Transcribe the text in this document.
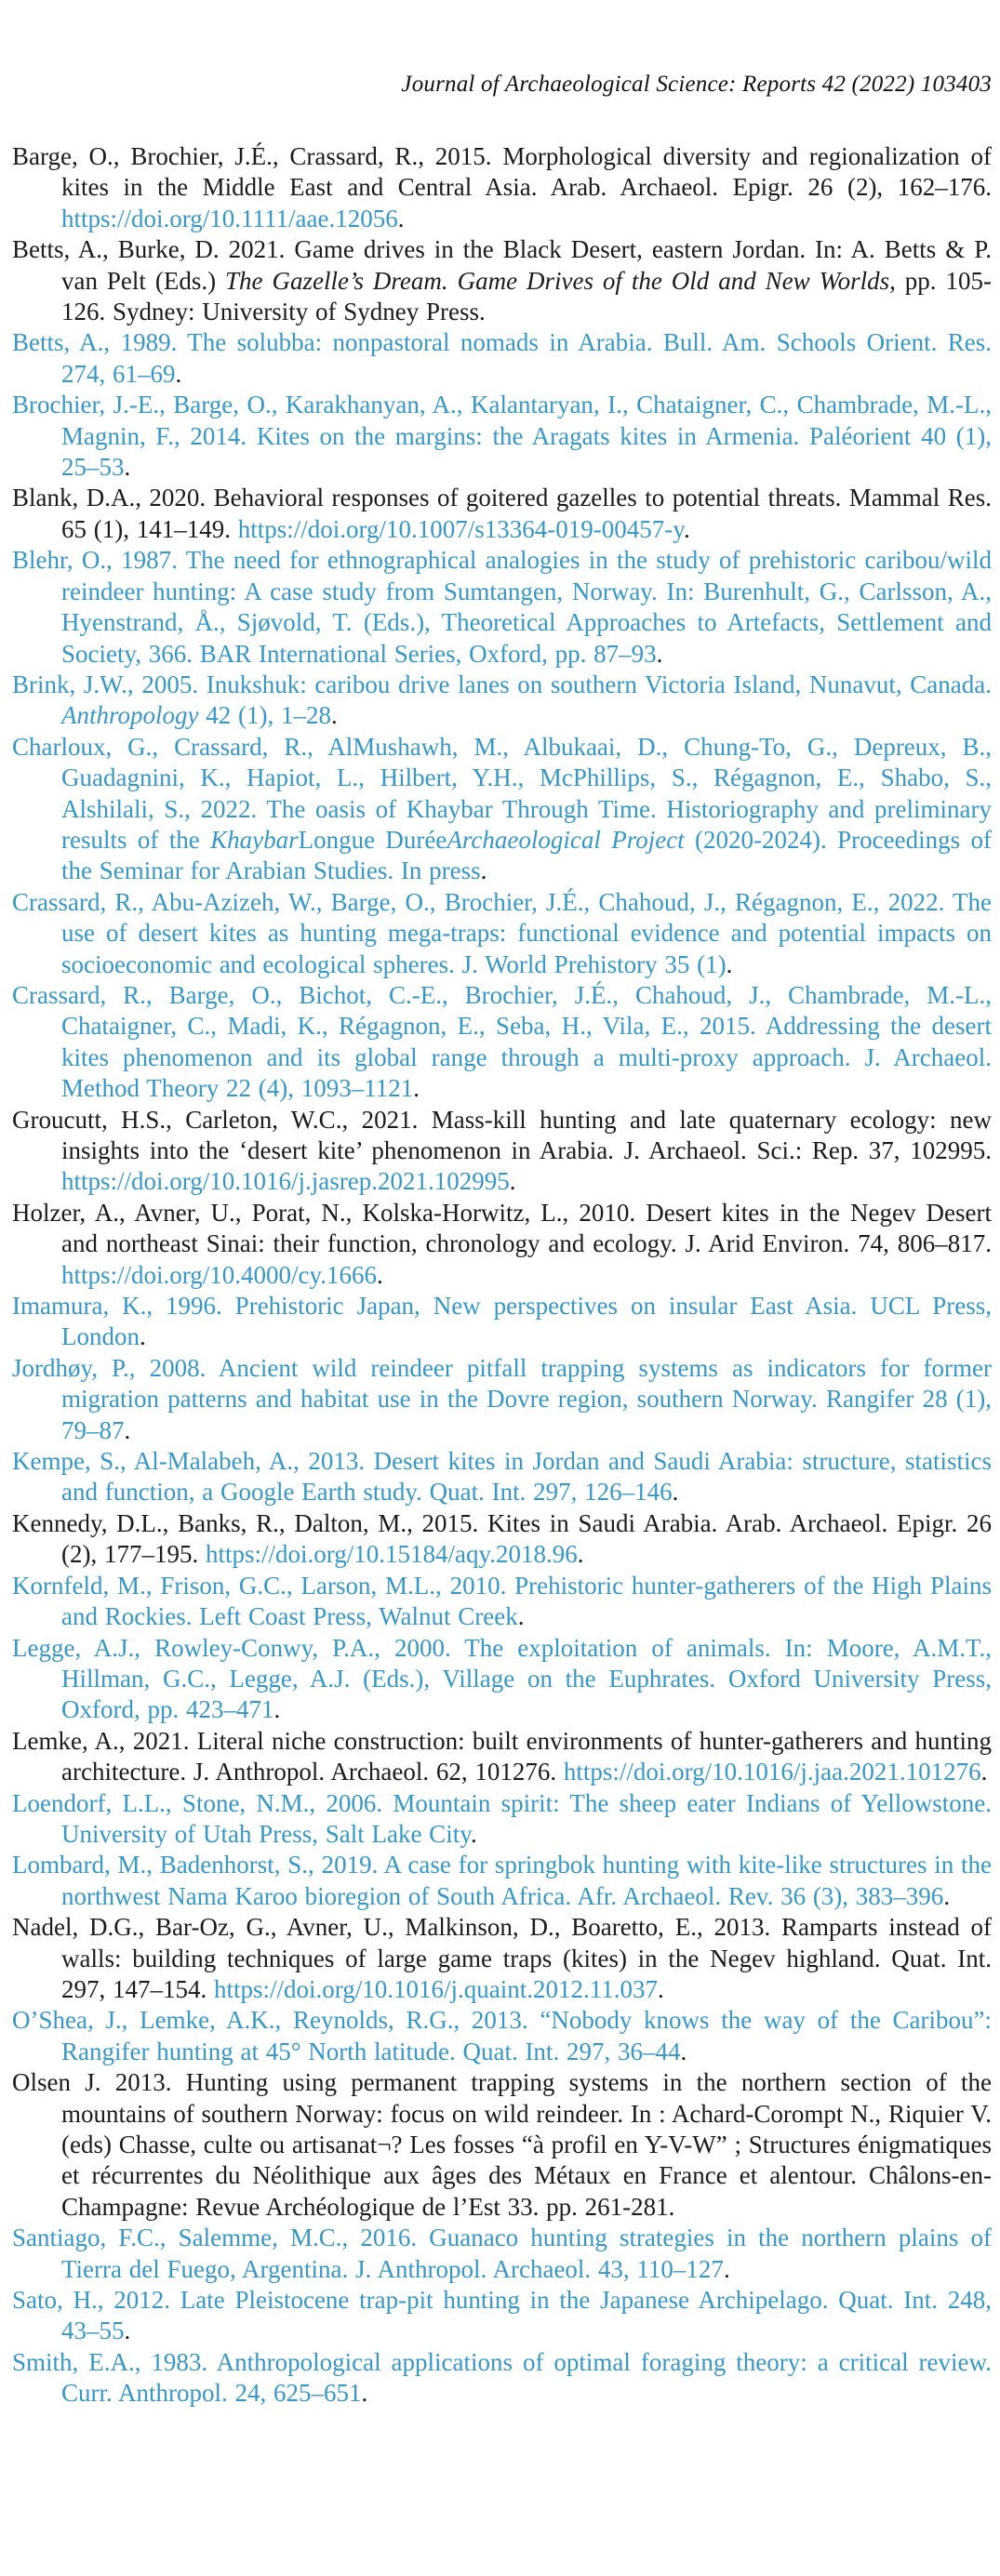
Journal of Archaeological Science: Reports 42 (2022) 103403

Barge, O., Brochier, J.É., Crassard, R., 2015. Morphological diversity and regionalization of kites in the Middle East and Central Asia. Arab. Archaeol. Epigr. 26 (2), 162–176. https://doi.org/10.1111/aae.12056.

Betts, A., Burke, D. 2021. Game drives in the Black Desert, eastern Jordan. In: A. Betts & P. van Pelt (Eds.) The Gazelle’s Dream. Game Drives of the Old and New Worlds, pp. 105-126. Sydney: University of Sydney Press.

Betts, A., 1989. The solubba: nonpastoral nomads in Arabia. Bull. Am. Schools Orient. Res. 274, 61–69.

Brochier, J.-E., Barge, O., Karakhanyan, A., Kalantaryan, I., Chataigner, C., Chambrade, M.-L., Magnin, F., 2014. Kites on the margins: the Aragats kites in Armenia. Paléorient 40 (1), 25–53.

Blank, D.A., 2020. Behavioral responses of goitered gazelles to potential threats. Mammal Res. 65 (1), 141–149. https://doi.org/10.1007/s13364-019-00457-y.

Blehr, O., 1987. The need for ethnographical analogies in the study of prehistoric caribou/wild reindeer hunting: A case study from Sumtangen, Norway. In: Burenhult, G., Carlsson, A., Hyenstrand, Å., Sjøvold, T. (Eds.), Theoretical Approaches to Artefacts, Settlement and Society, 366. BAR International Series, Oxford, pp. 87–93.

Brink, J.W., 2005. Inukshuk: caribou drive lanes on southern Victoria Island, Nunavut, Canada. Anthropology 42 (1), 1–28.

Charloux, G., Crassard, R., AlMushawh, M., Albukaai, D., Chung-To, G., Depreux, B., Guadagnini, K., Hapiot, L., Hilbert, Y.H., McPhillips, S., Régagnon, E., Shabo, S., Alshilali, S., 2022. The oasis of Khaybar Through Time. Historiography and preliminary results of the KhaybarLongue DuréeArchaeological Project (2020-2024). Proceedings of the Seminar for Arabian Studies. In press.

Crassard, R., Abu-Azizeh, W., Barge, O., Brochier, J.É., Chahoud, J., Régagnon, E., 2022. The use of desert kites as hunting mega-traps: functional evidence and potential impacts on socioeconomic and ecological spheres. J. World Prehistory 35 (1).

Crassard, R., Barge, O., Bichot, C.-E., Brochier, J.É., Chahoud, J., Chambrade, M.-L., Chataigner, C., Madi, K., Régagnon, E., Seba, H., Vila, E., 2015. Addressing the desert kites phenomenon and its global range through a multi-proxy approach. J. Archaeol. Method Theory 22 (4), 1093–1121.

Groucutt, H.S., Carleton, W.C., 2021. Mass-kill hunting and late quaternary ecology: new insights into the ‘desert kite’ phenomenon in Arabia. J. Archaeol. Sci.: Rep. 37, 102995. https://doi.org/10.1016/j.jasrep.2021.102995.

Holzer, A., Avner, U., Porat, N., Kolska-Horwitz, L., 2010. Desert kites in the Negev Desert and northeast Sinai: their function, chronology and ecology. J. Arid Environ. 74, 806–817. https://doi.org/10.4000/cy.1666.

Imamura, K., 1996. Prehistoric Japan, New perspectives on insular East Asia. UCL Press, London.

Jordhøy, P., 2008. Ancient wild reindeer pitfall trapping systems as indicators for former migration patterns and habitat use in the Dovre region, southern Norway. Rangifer 28 (1), 79–87.

Kempe, S., Al-Malabeh, A., 2013. Desert kites in Jordan and Saudi Arabia: structure, statistics and function, a Google Earth study. Quat. Int. 297, 126–146.

Kennedy, D.L., Banks, R., Dalton, M., 2015. Kites in Saudi Arabia. Arab. Archaeol. Epigr. 26 (2), 177–195. https://doi.org/10.15184/aqy.2018.96.

Kornfeld, M., Frison, G.C., Larson, M.L., 2010. Prehistoric hunter-gatherers of the High Plains and Rockies. Left Coast Press, Walnut Creek.

Legge, A.J., Rowley-Conwy, P.A., 2000. The exploitation of animals. In: Moore, A.M.T., Hillman, G.C., Legge, A.J. (Eds.), Village on the Euphrates. Oxford University Press, Oxford, pp. 423–471.

Lemke, A., 2021. Literal niche construction: built environments of hunter-gatherers and hunting architecture. J. Anthropol. Archaeol. 62, 101276. https://doi.org/10.1016/j.jaa.2021.101276.

Loendorf, L.L., Stone, N.M., 2006. Mountain spirit: The sheep eater Indians of Yellowstone. University of Utah Press, Salt Lake City.

Lombard, M., Badenhorst, S., 2019. A case for springbok hunting with kite-like structures in the northwest Nama Karoo bioregion of South Africa. Afr. Archaeol. Rev. 36 (3), 383–396.

Nadel, D.G., Bar-Oz, G., Avner, U., Malkinson, D., Boaretto, E., 2013. Ramparts instead of walls: building techniques of large game traps (kites) in the Negev highland. Quat. Int. 297, 147–154. https://doi.org/10.1016/j.quaint.2012.11.037.

O’Shea, J., Lemke, A.K., Reynolds, R.G., 2013. “Nobody knows the way of the Caribou”: Rangifer hunting at 45° North latitude. Quat. Int. 297, 36–44.

Olsen J. 2013. Hunting using permanent trapping systems in the northern section of the mountains of southern Norway: focus on wild reindeer. In : Achard-Corompt N., Riquier V. (eds) Chasse, culte ou artisanat¬? Les fosses “à profil en Y-V-W” ; Structures énigmatiques et récurrentes du Néolithique aux âges des Métaux en France et alentour. Châlons-en-Champagne: Revue Archéologique de l’Est 33. pp. 261-281.

Santiago, F.C., Salemme, M.C., 2016. Guanaco hunting strategies in the northern plains of Tierra del Fuego, Argentina. J. Anthropol. Archaeol. 43, 110–127.

Sato, H., 2012. Late Pleistocene trap-pit hunting in the Japanese Archipelago. Quat. Int. 248, 43–55.

Smith, E.A., 1983. Anthropological applications of optimal foraging theory: a critical review. Curr. Anthropol. 24, 625–651.
